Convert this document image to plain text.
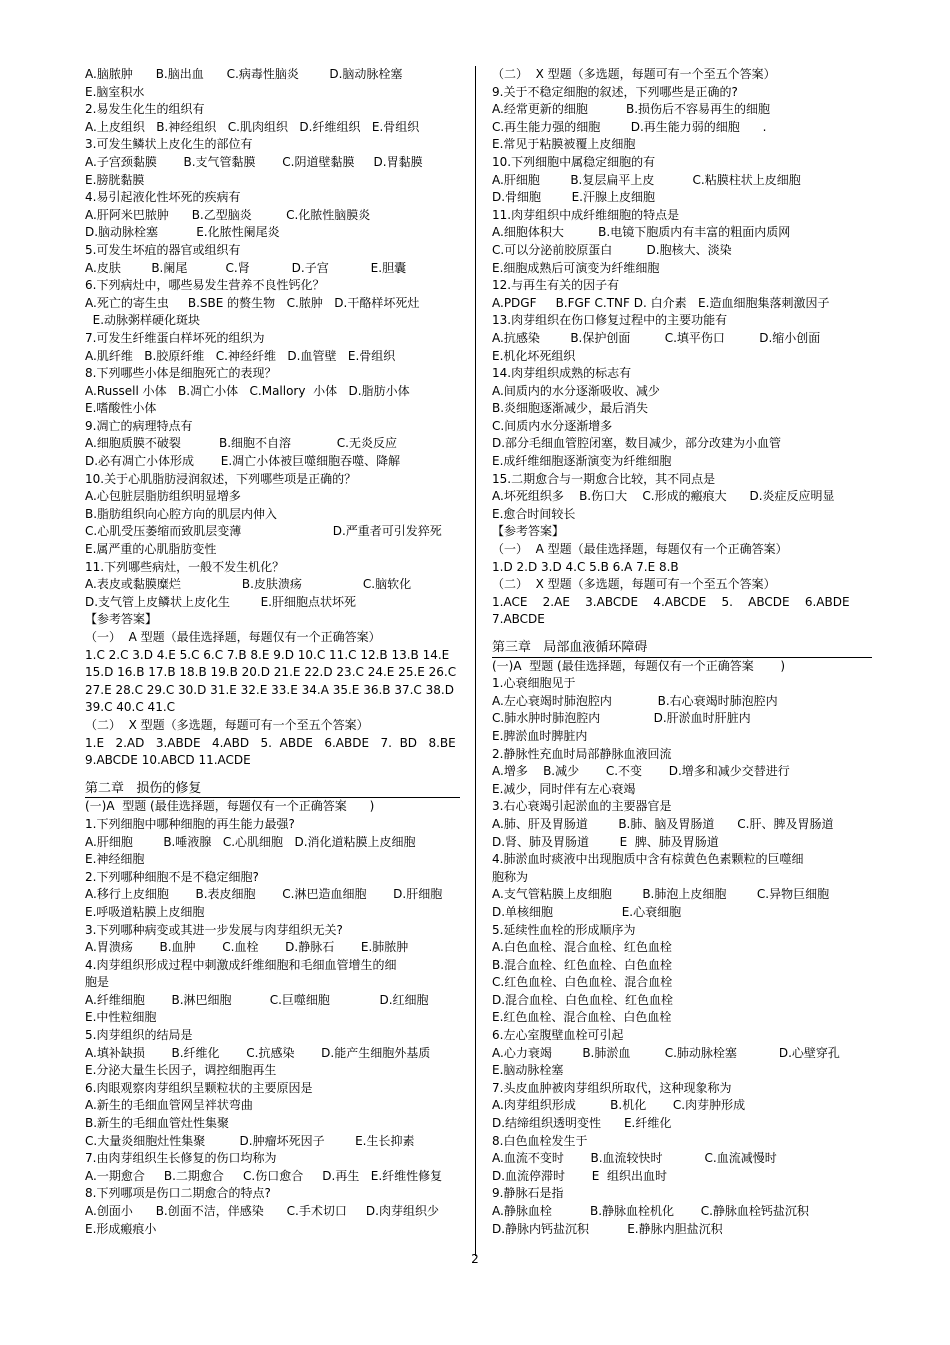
A.脑脓肿      B.脑出血      C.病毒性脑炎        D.脑动脉栓塞
E.脑室积水
2.易发生化生的组织有
A.上皮组织   B.神经组织   C.肌肉组织   D.纤维组织   E.骨组织
3.可发生鳞状上皮化生的部位有
A.子宫颈黏膜       B.支气管黏膜       C.阴道壁黏膜     D.胃黏膜
E.膀胱黏膜
4.易引起液化性坏死的疾病有
A.肝阿米巴脓肿      B.乙型脑炎         C.化脓性脑膜炎
D.脑动脉栓塞          E.化脓性阑尾炎
5.可发生坏疽的器官或组织有
A.皮肤        B.阑尾          C.肾           D.子宫           E.胆囊
6.下列病灶中，哪些易发生营养不良性钙化？
A.死亡的寄生虫     B.SBE 的赘生物   C.脓肿   D.干酪样坏死灶
E.动脉粥样硬化斑块
7.可发生纤维蛋白样坏死的组织为
A.肌纤维   B.胶原纤维   C.神经纤维   D.血管壁   E.骨组织
8.下列哪些小体是细胞死亡的表现？
A.Russell 小体   B.凋亡小体   C.Mallory  小体   D.脂肪小体
E.嗜酸性小体
9.凋亡的病理特点有
A.细胞质膜不破裂          B.细胞不自溶            C.无炎反应
D.必有凋亡小体形成       E.凋亡小体被巨噬细胞吞噬、降解
10.关于心肌脂肪浸润叙述，下列哪些项是正确的？
A.心包脏层脂肪组织明显增多
B.脂肪组织向心腔方向的肌层内伸入
C.心肌受压萎缩而致肌层变薄                        D.严重者可引发猝死
E.属严重的心肌脂肪变性
11.下列哪些病灶，一般不发生机化？
A.表皮或黏膜糜烂                B.皮肤溃疡                C.脑软化
D.支气管上皮鳞状上皮化生        E.肝细胞点状坏死
【参考答案】
（一）  A 型题（最佳选择题，每题仅有一个正确答案）
1.C 2.C 3.D 4.E 5.C 6.C 7.B 8.E 9.D 10.C 11.C 12.B 13.B 14.E
15.D 16.B 17.B 18.B 19.B 20.D 21.E 22.D 23.C 24.E 25.E 26.C
27.E 28.C 29.C 30.D 31.E 32.E 33.E 34.A 35.E 36.B 37.C 38.D
39.C 40.C 41.C
（二）  X 型题（多选题，每题可有一个至五个答案）
1.E   2.AD   3.ABDE   4.ABD   5.  ABDE   6.ABDE   7.  BD   8.BE
9.ABCDE 10.ABCD 11.ACDE
第二章   损伤的修复
(一)A  型题 (最佳选择题，每题仅有一个正确答案      )
1.下列细胞中哪种细胞的再生能力最强?
A.肝细胞        B.唾液腺   C.心肌细胞   D.消化道粘膜上皮细胞
E.神经细胞
2.下列哪种细胞不是不稳定细胞?
A.移行上皮细胞       B.表皮细胞       C.淋巴造血细胞       D.肝细胞
E.呼吸道粘膜上皮细胞
3.下列哪种病变或其进一步发展与肉芽组织无关?
A.胃溃疡       B.血肿       C.血栓       D.静脉石       E.肺脓肿
4.肉芽组织形成过程中刺激成纤维细胞和毛细血管增生的细
胞是
A.纤维细胞       B.淋巴细胞          C.巨噬细胞             D.红细胞
E.中性粒细胞
5.肉芽组织的结局是
A.填补缺损       B.纤维化       C.抗感染       D.能产生细胞外基质
E.分泌大量生长因子，调控细胞再生
6.肉眼观察肉芽组织呈颗粒状的主要原因是
A.新生的毛细血管网呈袢状弯曲
B.新生的毛细血管灶性集聚
C.大量炎细胞灶性集聚         D.肿瘤坏死因子        E.生长抑素
7.由肉芽组织生长修复的伤口均称为
A.一期愈合     B.二期愈合     C.伤口愈合     D.再生   E.纤维性修复
8.下列哪项是伤口二期愈合的特点?
A.创面小      B.创面不洁，伴感染      C.手术切口     D.肉芽组织少
E.形成瘢痕小
（二）  X 型题（多选题，每题可有一个至五个答案）
9.关于不稳定细胞的叙述，下列哪些是正确的?
A.经常更新的细胞          B.损伤后不容易再生的细胞
C.再生能力强的细胞        D.再生能力弱的细胞      .
E.常见于粘膜被覆上皮细胞
10.下列细胞中属稳定细胞的有
A.肝细胞        B.复层扁平上皮          C.粘膜柱状上皮细胞
D.骨细胞        E.汗腺上皮细胞
11.肉芽组织中成纤维细胞的特点是
A.细胞体积大         B.电镜下胞质内有丰富的粗面内质网
C.可以分泌前胶原蛋白         D.胞核大、淡染
E.细胞成熟后可演变为纤维细胞
12.与再生有关的因子有
A.PDGF     B.FGF C.TNF D. 白介素   E.造血细胞集落刺激因子
13.肉芽组织在伤口修复过程中的主要功能有
A.抗感染        B.保护创面         C.填平伤口         D.缩小创面
E.机化坏死组织
14.肉芽组织成熟的标志有
A.间质内的水分逐渐吸收、减少
B.炎细胞逐渐减少，最后消失
C.间质内水分逐渐增多
D.部分毛细血管腔闭塞，数目减少，部分改建为小血管
E.成纤维细胞逐渐演变为纤维细胞
15.二期愈合与一期愈合比较，其不同点是
A.坏死组织多    B.伤口大    C.形成的瘢痕大      D.炎症反应明显
E.愈合时间较长
【参考答案】
（一）  A 型题（最佳选择题，每题仅有一个正确答案）
1.D 2.D 3.D 4.C 5.B 6.A 7.E 8.B
（二）  X 型题（多选题，每题可有一个至五个答案）
1.ACE    2.AE    3.ABCDE    4.ABCDE    5.    ABCDE    6.ABDE
7.ABCDE
第三章   局部血液循环障碍
(一)A  型题 (最佳选择题，每题仅有一个正确答案       )
1.心衰细胞见于
A.左心衰竭时肺泡腔内            B.右心衰竭时肺泡腔内
C.肺水肿时肺泡腔内              D.肝淤血时肝脏内
E.脾淤血时脾脏内
2.静脉性充血时局部静脉血液回流
A.增多    B.减少       C.不变       D.增多和减少交替进行
E.减少，同时伴有左心衰竭
3.右心衰竭引起淤血的主要器官是
A.肺、肝及胃肠道        B.肺、脑及胃肠道      C.肝、脾及胃肠道
D.肾、肺及胃肠道        E  脾、肺及胃肠道
4.肺淤血时痰液中出现胞质中含有棕黄色色素颗粒的巨噬细
胞称为
A.支气管粘膜上皮细胞        B.肺泡上皮细胞        C.异物巨细胞
D.单核细胞                  E.心衰细胞
5.延续性血栓的形成顺序为
A.白色血栓、混合血栓、红色血栓
B.混合血栓、红色血栓、白色血栓
C.红色血栓、白色血栓、混合血栓
D.混合血栓、白色血栓、红色血栓
E.红色血栓、混合血栓、白色血栓
6.左心室腹壁血栓可引起
A.心力衰竭        B.肺淤血         C.肺动脉栓塞           D.心壁穿孔
E.脑动脉栓塞
7.头皮血肿被肉芽组织所取代，这种现象称为
A.肉芽组织形成         B.机化       C.肉芽肿形成
D.结缔组织透明变性      E.纤维化
8.白色血栓发生于
A.血流不变时       B.血流较快时           C.血流减慢时
D.血流停滞时       E  组织出血时
9.静脉石是指
A.静脉血栓          B.静脉血栓机化       C.静脉血栓钙盐沉积
D.静脉内钙盐沉积          E.静脉内胆盐沉积
2
